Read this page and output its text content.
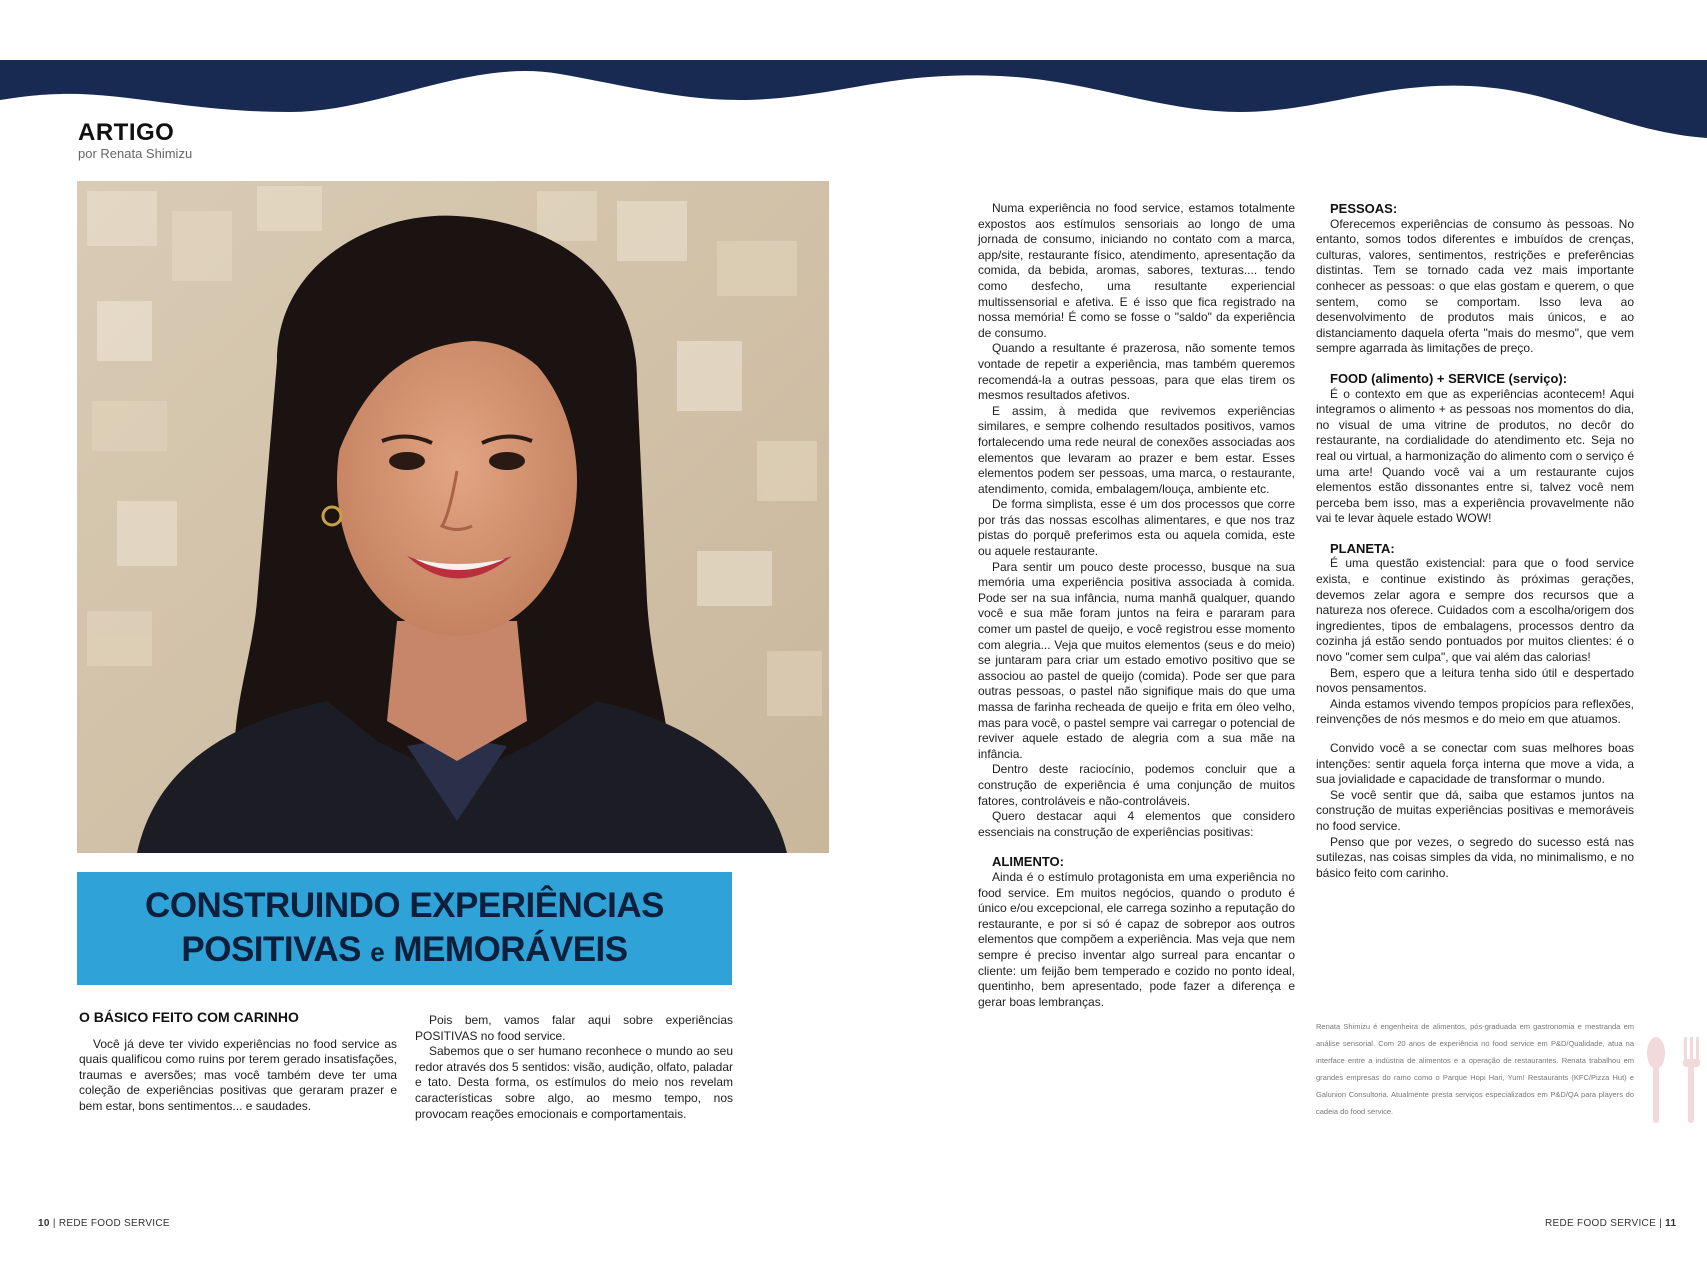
ARTIGO

por Renata Shimizu

CONSTRUINDO EXPERIÊNCIAS
POSITIVAS e MEMORÁVEIS
O BÁSICO FEITO COM CARINHO

Você já deve ter vivido experiências no food service as quais qualificou como ruins por terem gerado insatisfações, traumas e aversões; mas você também deve ter uma coleção de experiências positivas que geraram prazer e bem estar, bons sentimentos... e saudades.

Pois bem, vamos falar aqui sobre experiências POSITIVAS no food service.

Sabemos que o ser humano reconhece o mundo ao seu redor através dos 5 sentidos: visão, audição, olfato, paladar e tato. Desta forma, os estímulos do meio nos revelam características sobre algo, ao mesmo tempo, nos provocam reações emocionais e comportamentais.

Numa experiência no food service, estamos totalmente expostos aos estímulos sensoriais ao longo de uma jornada de consumo, iniciando no contato com a marca, app/site, restaurante físico, atendimento, apresentação da comida, da bebida, aromas, sabores, texturas.... tendo como desfecho, uma resultante experiencial multissensorial e afetiva. E é isso que fica registrado na nossa memória! É como se fosse o "saldo" da experiência de consumo.

Quando a resultante é prazerosa, não somente temos vontade de repetir a experiência, mas também queremos recomendá-la a outras pessoas, para que elas tirem os mesmos resultados afetivos.

E assim, à medida que revivemos experiências similares, e sempre colhendo resultados positivos, vamos fortalecendo uma rede neural de conexões associadas aos elementos que levaram ao prazer e bem estar. Esses elementos podem ser pessoas, uma marca, o restaurante, atendimento, comida, embalagem/louça, ambiente etc.

De forma simplista, esse é um dos processos que corre por trás das nossas escolhas alimentares, e que nos traz pistas do porquê preferimos esta ou aquela comida, este ou aquele restaurante.

Para sentir um pouco deste processo, busque na sua memória uma experiência positiva associada à comida. Pode ser na sua infância, numa manhã qualquer, quando você e sua mãe foram juntos na feira e pararam para comer um pastel de queijo, e você registrou esse momento com alegria... Veja que muitos elementos (seus e do meio) se juntaram para criar um estado emotivo positivo que se associou ao pastel de queijo (comida). Pode ser que para outras pessoas, o pastel não signifique mais do que uma massa de farinha recheada de queijo e frita em óleo velho, mas para você, o pastel sempre vai carregar o potencial de reviver aquele estado de alegria com a sua mãe na infância.

Dentro deste raciocínio, podemos concluir que a construção de experiência é uma conjunção de muitos fatores, controláveis e não-controláveis.

Quero destacar aqui 4 elementos que considero essenciais na construção de experiências positivas:

ALIMENTO:

Ainda é o estímulo protagonista em uma experiência no food service. Em muitos negócios, quando o produto é único e/ou excepcional, ele carrega sozinho a reputação do restaurante, e por si só é capaz de sobrepor aos outros elementos que compõem a experiência. Mas veja que nem sempre é preciso inventar algo surreal para encantar o cliente: um feijão bem temperado e cozido no ponto ideal, quentinho, bem apresentado, pode fazer a diferença e gerar boas lembranças.

PESSOAS:

Oferecemos experiências de consumo às pessoas. No entanto, somos todos diferentes e imbuídos de crenças, culturas, valores, sentimentos, restrições e preferências distintas. Tem se tornado cada vez mais importante conhecer as pessoas: o que elas gostam e querem, o que sentem, como se comportam. Isso leva ao desenvolvimento de produtos mais únicos, e ao distanciamento daquela oferta "mais do mesmo", que vem sempre agarrada às limitações de preço.

FOOD (alimento) + SERVICE (serviço):

É o contexto em que as experiências acontecem! Aqui integramos o alimento + as pessoas nos momentos do dia, no visual de uma vitrine de produtos, no decôr do restaurante, na cordialidade do atendimento etc. Seja no real ou virtual, a harmonização do alimento com o serviço é uma arte! Quando você vai a um restaurante cujos elementos estão dissonantes entre si, talvez você nem perceba bem isso, mas a experiência provavelmente não vai te levar àquele estado WOW!

PLANETA:

É uma questão existencial: para que o food service exista, e continue existindo às próximas gerações, devemos zelar agora e sempre dos recursos que a natureza nos oferece. Cuidados com a escolha/origem dos ingredientes, tipos de embalagens, processos dentro da cozinha já estão sendo pontuados por muitos clientes: é o novo "comer sem culpa", que vai além das calorias!

Bem, espero que a leitura tenha sido útil e despertado novos pensamentos.

Ainda estamos vivendo tempos propícios para reflexões, reinvenções de nós mesmos e do meio em que atuamos.

Convido você a se conectar com suas melhores boas intenções: sentir aquela força interna que move a vida, a sua jovialidade e capacidade de transformar o mundo.

Se você sentir que dá, saiba que estamos juntos na construção de muitas experiências positivas e memoráveis no food service.

Penso que por vezes, o segredo do sucesso está nas sutilezas, nas coisas simples da vida, no minimalismo, e no básico feito com carinho.

Renata Shimizu é engenheira de alimentos, pós-graduada em gastronomia e mestranda em análise sensorial. Com 20 anos de experiência no food service em P&D/Qualidade, atua na interface entre a indústria de alimentos e a operação de restaurantes. Renata trabalhou em grandes empresas do ramo como o Parque Hopi Hari, Yum! Restaurants (KFC/Pizza Hut) e Galunion Consultoria. Atualmente presta serviços especializados em P&D/QA para players do cadeia do food service.
10 | REDE FOOD SERVICE	REDE FOOD SERVICE | 11
